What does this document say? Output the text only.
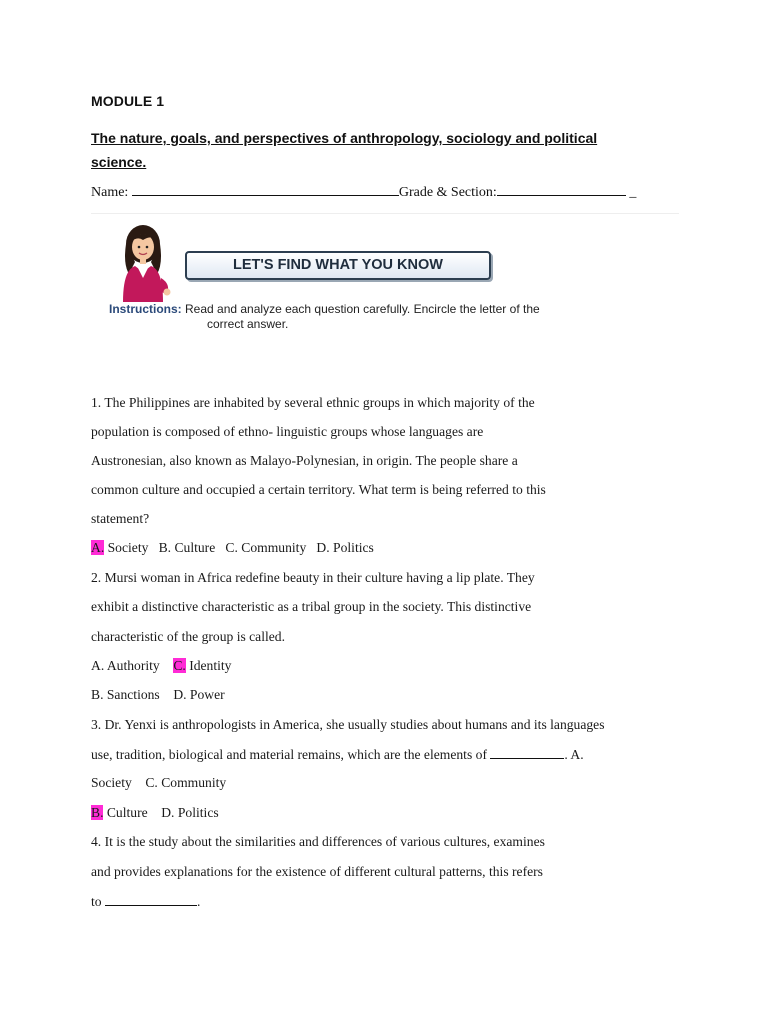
MODULE 1
The nature, goals, and perspectives of anthropology, sociology and political science.
Name:	Grade & Section:	_
LET'S FIND WHAT YOU KNOW
Instructions: Read and analyze each question carefully. Encircle the letter of the
correct answer.
1. The Philippines are inhabited by several ethnic groups in which majority of the
population is composed of ethno- linguistic groups whose languages are
Austronesian, also known as Malayo-Polynesian, in origin. The people share a
common culture and occupied a certain territory. What term is being referred to this
statement?
A. Society   B. Culture   C. Community   D. Politics
2. Mursi woman in Africa redefine beauty in their culture having a lip plate. They
exhibit a distinctive characteristic as a tribal group in the society. This distinctive
characteristic of the group is called.
A. Authority    C. Identity
B. Sanctions    D. Power
3. Dr. Yenxi is anthropologists in America, she usually studies about humans and its languages
use, tradition, biological and material remains, which are the elements of	. A.
Society    C. Community
B. Culture    D. Politics
4. It is the study about the similarities and differences of various cultures, examines
and provides explanations for the existence of different cultural patterns, this refers
to	.
